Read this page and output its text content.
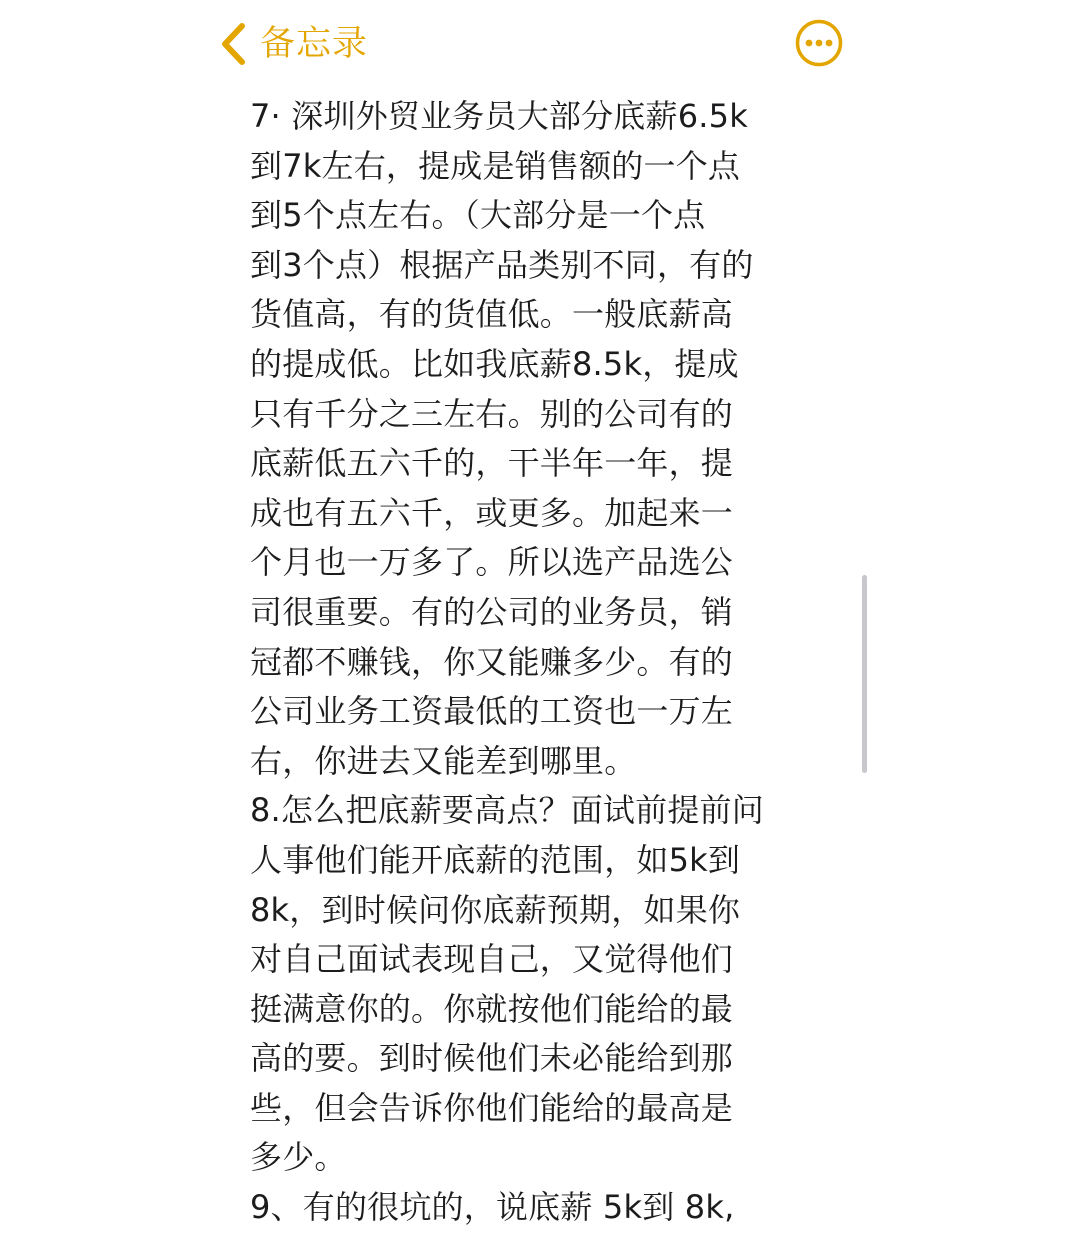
备忘录
7· 深圳外贸业务员大部分底薪6.5k
到7k左右，提成是销售额的一个点
到5个点左右。（大部分是一个点
到3个点）根据产品类别不同，有的
货值高，有的货值低。一般底薪高
的提成低。比如我底薪8.5k，提成
只有千分之三左右。别的公司有的
底薪低五六千的，干半年一年，提
成也有五六千，或更多。加起来一
个月也一万多了。所以选产品选公
司很重要。有的公司的业务员，销
冠都不赚钱，你又能赚多少。有的
公司业务工资最低的工资也一万左
右，你进去又能差到哪里。
8.怎么把底薪要高点？面试前提前问
人事他们能开底薪的范围，如5k到
8k，到时候问你底薪预期，如果你
对自己面试表现自己，又觉得他们
挺满意你的。你就按他们能给的最
高的要。到时候他们未必能给到那
些，但会告诉你他们能给的最高是
多少。
9、有的很坑的，说底薪 5k到 8k,
